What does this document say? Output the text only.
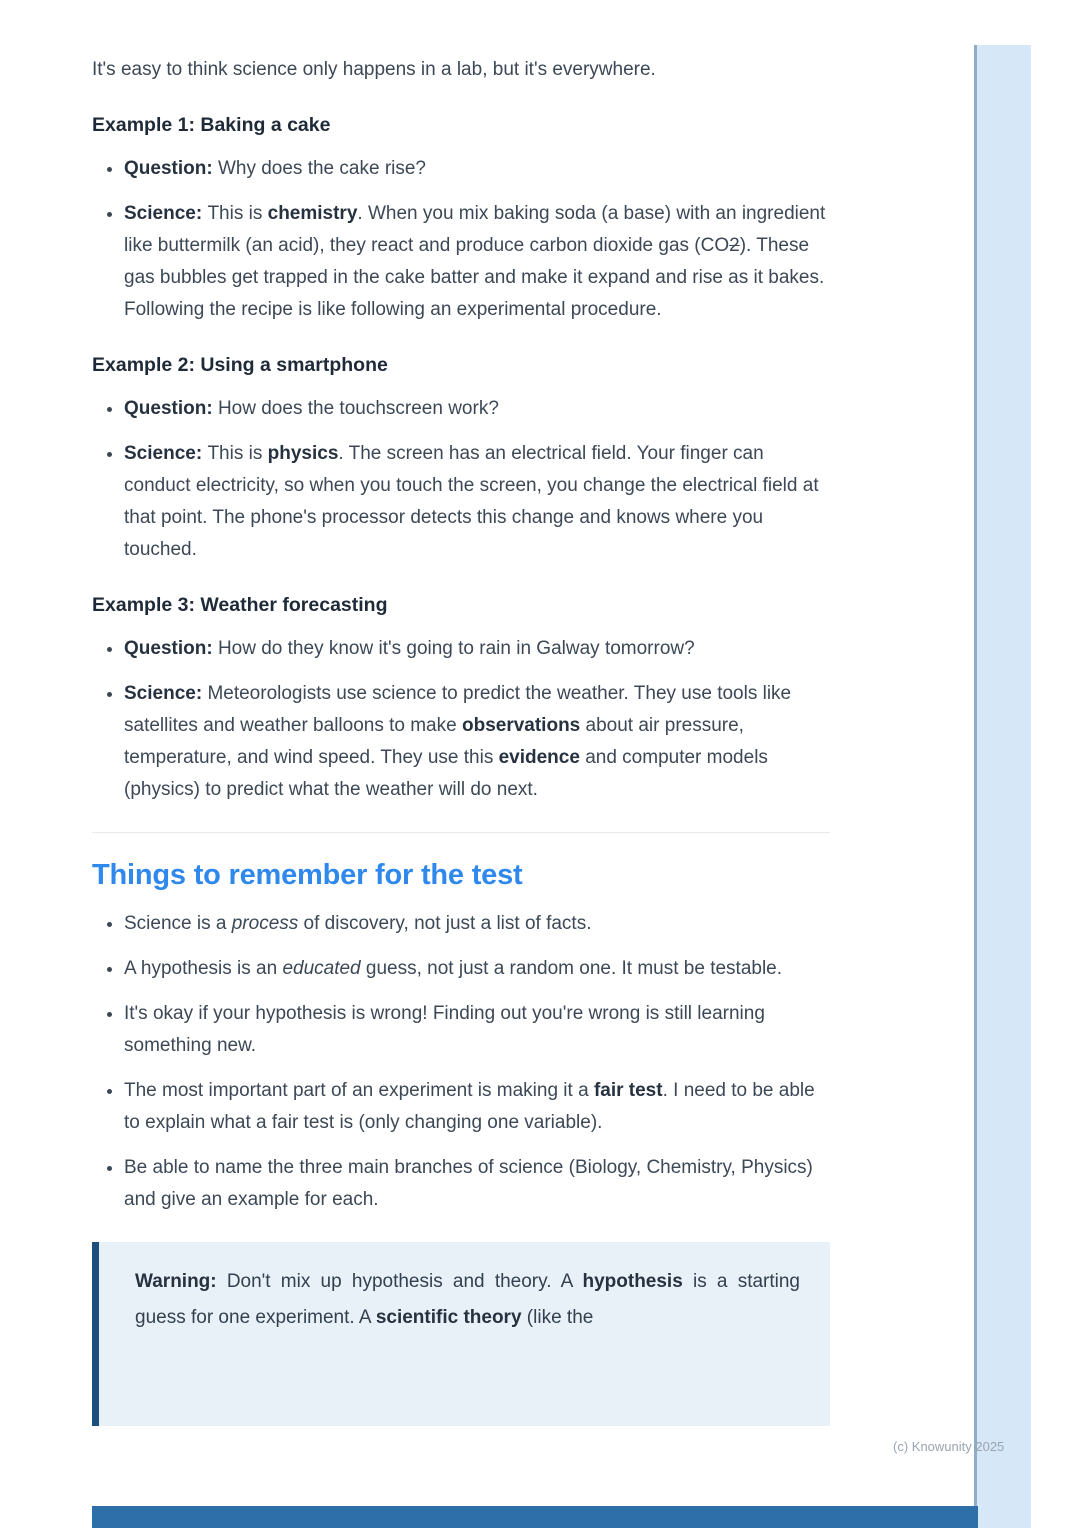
It's easy to think science only happens in a lab, but it's everywhere.

Example 1: Baking a cake
• Question: Why does the cake rise?
• Science: This is chemistry. When you mix baking soda (a base) with an ingredient like buttermilk (an acid), they react and produce carbon dioxide gas (CO2). These gas bubbles get trapped in the cake batter and make it expand and rise as it bakes. Following the recipe is like following an experimental procedure.
Example 2: Using a smartphone
• Question: How does the touchscreen work?
• Science: This is physics. The screen has an electrical field. Your finger can conduct electricity, so when you touch the screen, you change the electrical field at that point. The phone's processor detects this change and knows where you touched.
Example 3: Weather forecasting
• Question: How do they know it's going to rain in Galway tomorrow?
• Science: Meteorologists use science to predict the weather. They use tools like satellites and weather balloons to make observations about air pressure, temperature, and wind speed. They use this evidence and computer models (physics) to predict what the weather will do next.
Things to remember for the test
• Science is a process of discovery, not just a list of facts.
• A hypothesis is an educated guess, not just a random one. It must be testable.
• It's okay if your hypothesis is wrong! Finding out you're wrong is still learning something new.
• The most important part of an experiment is making it a fair test. I need to be able to explain what a fair test is (only changing one variable).
• Be able to name the three main branches of science (Biology, Chemistry, Physics) and give an example for each.

Warning: Don't mix up hypothesis and theory. A hypothesis is a starting guess for one experiment. A scientific theory (like the

(c) Knowunity 2025
